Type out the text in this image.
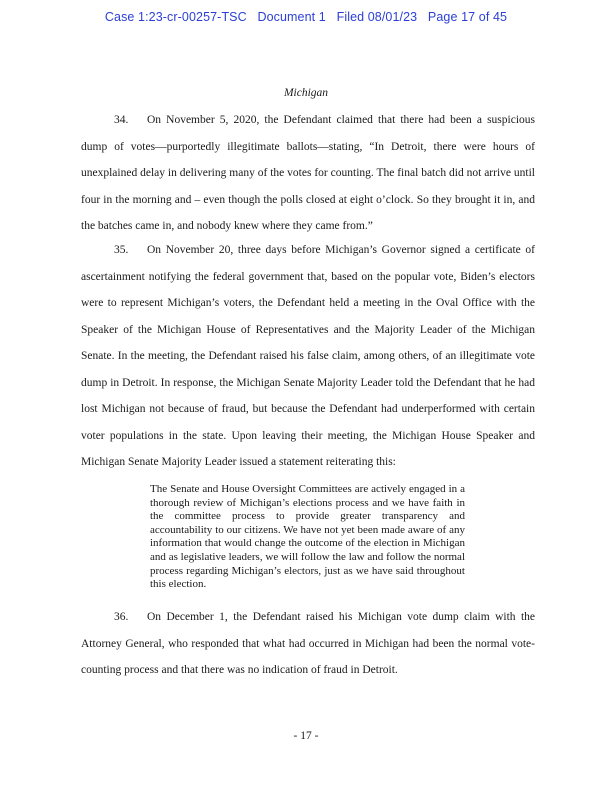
Case 1:23-cr-00257-TSC   Document 1   Filed 08/01/23   Page 17 of 45
Michigan

34. On November 5, 2020, the Defendant claimed that there had been a suspicious dump of votes—purportedly illegitimate ballots—stating, “In Detroit, there were hours of unexplained delay in delivering many of the votes for counting. The final batch did not arrive until four in the morning and – even though the polls closed at eight o’clock. So they brought it in, and the batches came in, and nobody knew where they came from.”

35. On November 20, three days before Michigan’s Governor signed a certificate of ascertainment notifying the federal government that, based on the popular vote, Biden’s electors were to represent Michigan’s voters, the Defendant held a meeting in the Oval Office with the Speaker of the Michigan House of Representatives and the Majority Leader of the Michigan Senate. In the meeting, the Defendant raised his false claim, among others, of an illegitimate vote dump in Detroit. In response, the Michigan Senate Majority Leader told the Defendant that he had lost Michigan not because of fraud, but because the Defendant had underperformed with certain voter populations in the state. Upon leaving their meeting, the Michigan House Speaker and Michigan Senate Majority Leader issued a statement reiterating this:

The Senate and House Oversight Committees are actively engaged in a thorough review of Michigan’s elections process and we have faith in the committee process to provide greater transparency and accountability to our citizens. We have not yet been made aware of any information that would change the outcome of the election in Michigan and as legislative leaders, we will follow the law and follow the normal process regarding Michigan’s electors, just as we have said throughout this election.

36. On December 1, the Defendant raised his Michigan vote dump claim with the Attorney General, who responded that what had occurred in Michigan had been the normal vote-counting process and that there was no indication of fraud in Detroit.

- 17 -
